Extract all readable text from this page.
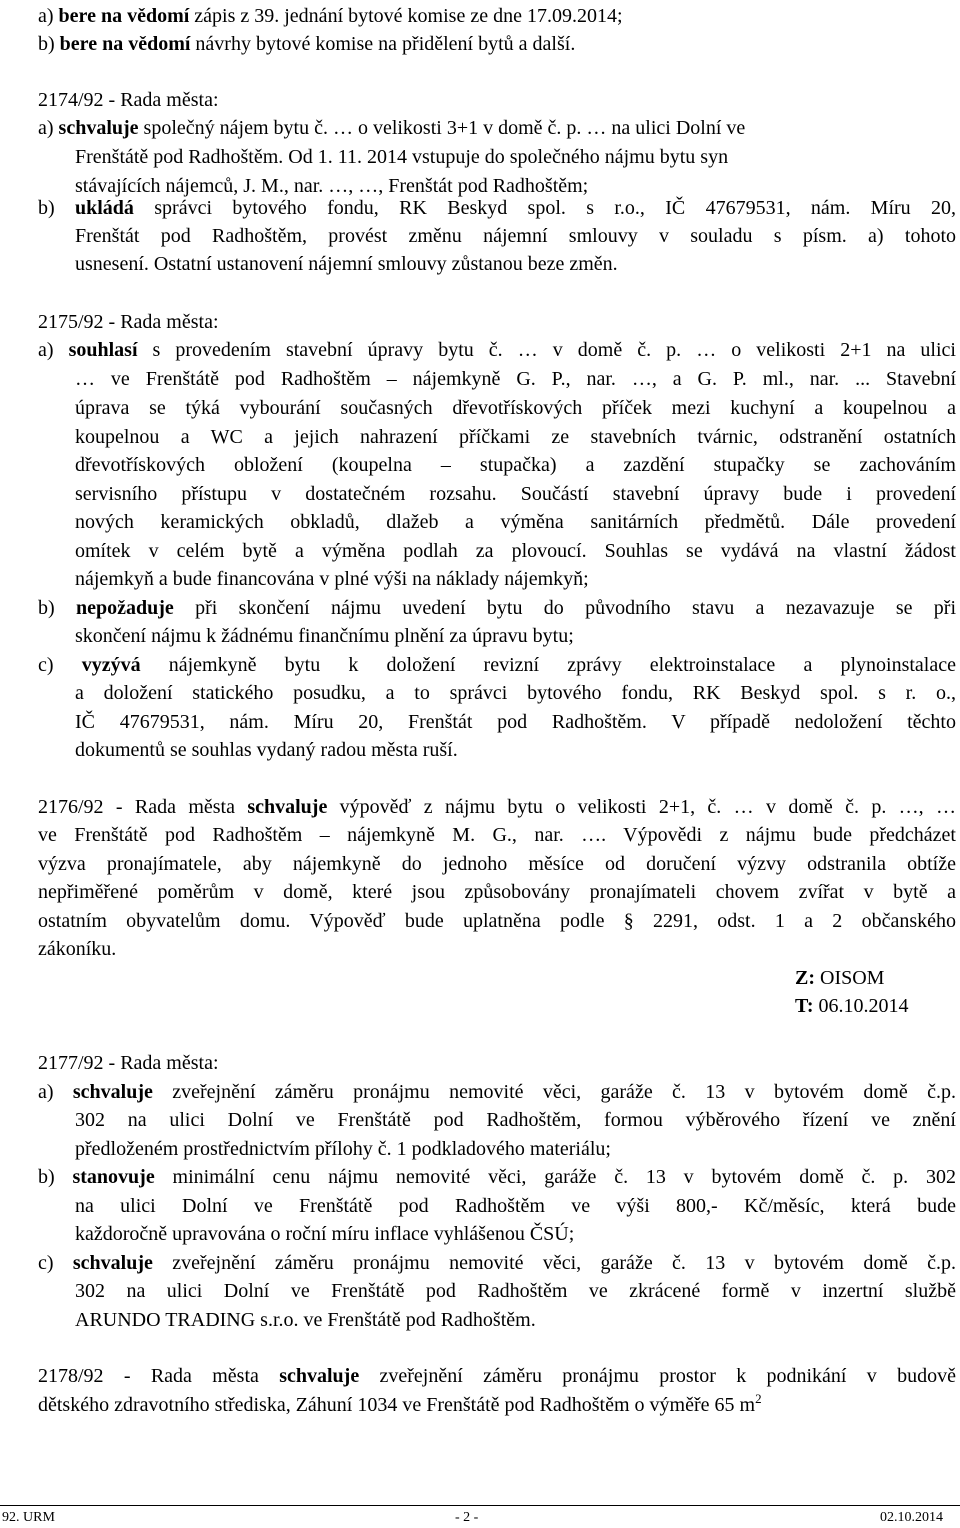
a) bere na vědomí zápis z 39. jednání bytové komise ze dne 17.09.2014;
b) bere na vědomí návrhy bytové komise na přidělení bytů a další.
2174/92 - Rada města:
a) schvaluje společný nájem bytu č. … o velikosti 3+1 v domě č. p. … na ulici Dolní ve
Frenštátě pod Radhoštěm. Od 1. 11. 2014 vstupuje do společného nájmu bytu syn
stávajících nájemců, J. M., nar. …, …, Frenštát pod Radhoštěm;
b) ukládá správci bytového fondu, RK Beskyd spol. s r.o., IČ 47679531, nám. Míru 20,
Frenštát pod Radhoštěm, provést změnu nájemní smlouvy v souladu s písm. a) tohoto
usnesení. Ostatní ustanovení nájemní smlouvy zůstanou beze změn.
2175/92 - Rada města:
a) souhlasí s provedením stavební úpravy bytu č. … v domě č. p. … o velikosti 2+1 na ulici
… ve Frenštátě pod Radhoštěm – nájemkyně G. P., nar. …, a G. P. ml., nar. ... Stavební
úprava se týká vybourání současných dřevotřískových příček mezi kuchyní a koupelnou a
koupelnou a WC a jejich nahrazení příčkami ze stavebních tvárnic, odstranění ostatních
dřevotřískových obložení (koupelna – stupačka) a zazdění stupačky se zachováním
servisního přístupu v dostatečném rozsahu. Součástí stavební úpravy bude i provedení
nových keramických obkladů, dlažeb a výměna sanitárních předmětů. Dále provedení
omítek v celém bytě a výměna podlah za plovoucí. Souhlas se vydává na vlastní žádost
nájemkyň a bude financována v plné výši na náklady nájemkyň;
b) nepožaduje při skončení nájmu uvedení bytu do původního stavu a nezavazuje se při
skončení nájmu k žádnému finančnímu plnění za úpravu bytu;
c) vyzývá nájemkyně bytu k doložení revizní zprávy elektroinstalace a plynoinstalace
a doložení statického posudku, a to správci bytového fondu, RK Beskyd spol. s r. o.,
IČ 47679531, nám. Míru 20, Frenštát pod Radhoštěm. V případě nedoložení těchto
dokumentů se souhlas vydaný radou města ruší.
2176/92 - Rada města schvaluje výpověď z nájmu bytu o velikosti 2+1, č. … v domě č. p. …, …
ve Frenštátě pod Radhoštěm – nájemkyně M. G., nar. …. Výpovědi z nájmu bude předcházet
výzva pronajímatele, aby nájemkyně do jednoho měsíce od doručení výzvy odstranila obtíže
nepřiměřené poměrům v domě, které jsou způsobovány pronajímateli chovem zvířat v bytě a
ostatním obyvatelům domu. Výpověď bude uplatněna podle § 2291, odst. 1 a 2 občanského
zákoníku.
Z: OISOM
T: 06.10.2014
2177/92 - Rada města:
a) schvaluje zveřejnění záměru pronájmu nemovité věci, garáže č. 13 v bytovém domě č.p.
302 na ulici Dolní ve Frenštátě pod Radhoštěm, formou výběrového řízení ve znění
předloženém prostřednictvím přílohy č. 1 podkladového materiálu;
b) stanovuje minimální cenu nájmu nemovité věci, garáže č. 13 v bytovém domě č. p. 302
na ulici Dolní ve Frenštátě pod Radhoštěm ve výši 800,- Kč/měsíc, která bude
každoročně upravována o roční míru inflace vyhlášenou ČSÚ;
c) schvaluje zveřejnění záměru pronájmu nemovité věci, garáže č. 13 v bytovém domě č.p.
302 na ulici Dolní ve Frenštátě pod Radhoštěm ve zkrácené formě v inzertní službě
ARUNDO TRADING s.r.o. ve Frenštátě pod Radhoštěm.
2178/92 - Rada města schvaluje zveřejnění záměru pronájmu prostor k podnikání v budově
dětského zdravotního střediska, Záhuní 1034 ve Frenštátě pod Radhoštěm o výměře 65 $m^2$
92. URM	- 2 -	02.10.2014
